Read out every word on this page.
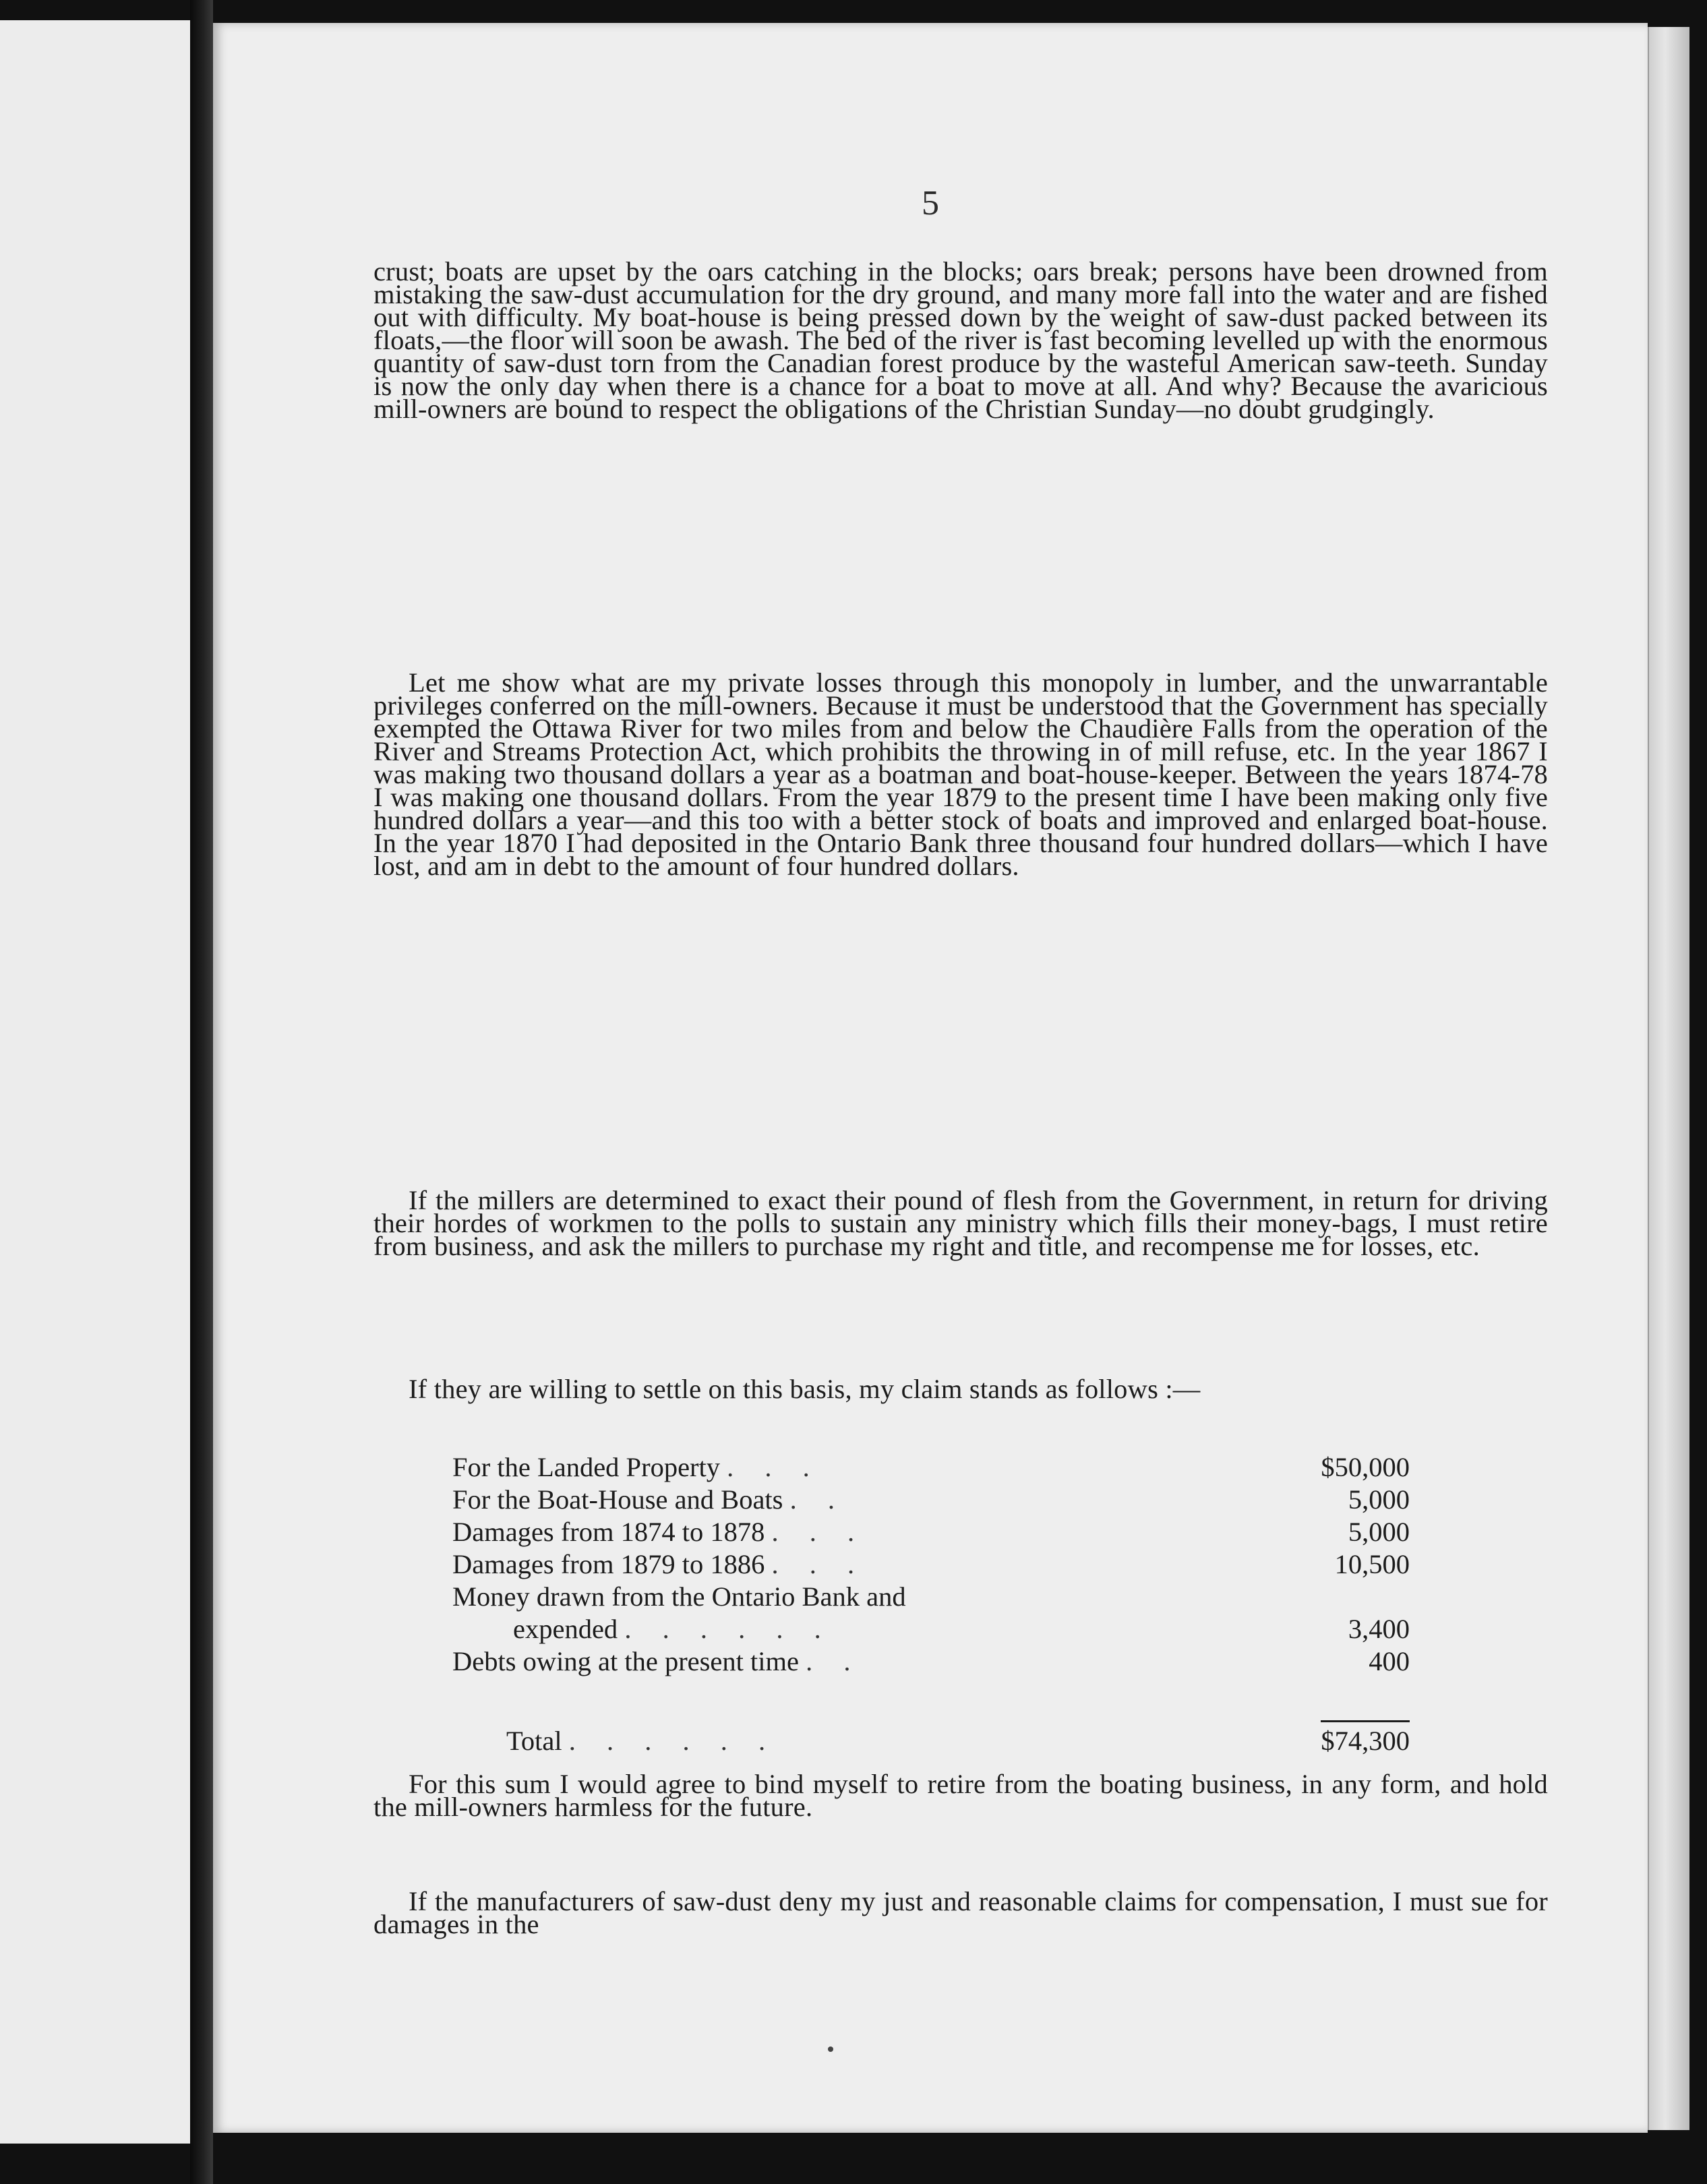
5
crust; boats are upset by the oars catching in the blocks; oars break; persons have been drowned from mistaking the saw-dust accumulation for the dry ground, and many more fall into the water and are fished out with difficulty. My boat-house is being pressed down by the weight of saw-dust packed between its floats,—the floor will soon be awash. The bed of the river is fast becoming levelled up with the enormous quantity of saw-dust torn from the Canadian forest produce by the wasteful American saw-teeth. Sunday is now the only day when there is a chance for a boat to move at all. And why? Because the avaricious mill-owners are bound to respect the obligations of the Christian Sunday—no doubt grudgingly.

Let me show what are my private losses through this monopoly in lumber, and the unwarrantable privileges conferred on the mill-owners. Because it must be understood that the Government has specially exempted the Ottawa River for two miles from and below the Chaudière Falls from the operation of the River and Streams Protection Act, which prohibits the throwing in of mill refuse, etc. In the year 1867 I was making two thousand dollars a year as a boatman and boat-house-keeper. Between the years 1874-78 I was making one thousand dollars. From the year 1879 to the present time I have been making only five hundred dollars a year—and this too with a better stock of boats and improved and enlarged boat-house. In the year 1870 I had deposited in the Ontario Bank three thousand four hundred dollars—which I have lost, and am in debt to the amount of four hundred dollars.

If the millers are determined to exact their pound of flesh from the Government, in return for driving their hordes of workmen to the polls to sustain any ministry which fills their money-bags, I must retire from business, and ask the millers to purchase my right and title, and recompense me for losses, etc.

If they are willing to settle on this basis, my claim stands as follows :—

For the Landed Property . . .	$50,000
For the Boat-House and Boats . .	5,000
Damages from 1874 to 1878 . . .	5,000
Damages from 1879 to 1886 . . .	10,500
Money drawn from the Ontario Bank and	
expended . . . . . .	3,400
Debts owing at the present time . .	400
Total . . . . . .	$74,300

For this sum I would agree to bind myself to retire from the boating business, in any form, and hold the mill-owners harmless for the future.

If the manufacturers of saw-dust deny my just and reasonable claims for compensation, I must sue for damages in the
